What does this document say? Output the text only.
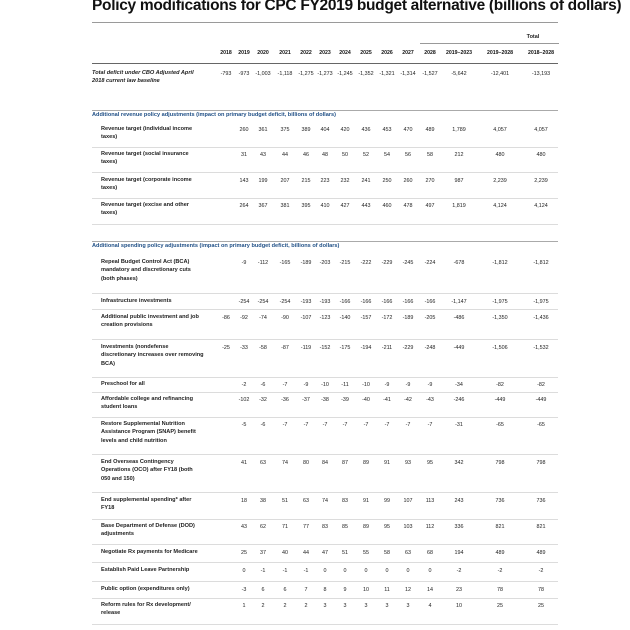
Policy modifications for CPC FY2019 budget alternative (billions of dollars)
Total
2018	2019	2020	2021	2022	2023	2024	2025	2026	2027	2028	2019–2023	2019–2028	2018–2028
Total deficit under CBO Adjusted April
2018 current law baseline
-793	-973	-1,003	-1,118	-1,275 -1,273 -1,245	-1,352	-1,321	-1,314	-1,527	-5,642	-12,401	-13,193
Additional revenue policy adjustments (impact on primary budget deficit, billions of dollars)
Revenue target (individual income
taxes)
260	361	375	389	404	420	436	453	470	489	1,789	4,057	4,057
Revenue target (social insurance
taxes)
31	43	44	46	48	50	52	54	56	58	212	480	480
Revenue target (corporate income
taxes)
143	199	207	215	223	232	241	250	260	270	987	2,239	2,239
Revenue target (excise and other
taxes)
264	367	381	395	410	427	443	460	478	497	1,819	4,124	4,124
Additional spending policy adjustments (impact on primary budget deficit, billions of dollars)
Repeal Budget Control Act (BCA)
mandatory and discretionary cuts
(both phases)
-9	-112	-165	-189	-203	-215	-222	-229	-245	-224	-678	-1,812	-1,812
Infrastructure investments	-254	-254	-254	-193	-193	-166	-166	-166	-166	-166	-1,147	-1,975	-1,975
Additional public investment and job
creation provisions
-86	-92	-74	-90	-107	-123	-140	-157	-172	-189	-205	-486	-1,350	-1,436
Investments (nondefense
discretionary increases over removing
BCA)
-25	-33	-58	-87	-119	-152	-175	-194	-211	-229	-248	-449	-1,506	-1,532
Preschool for all	-2	-6	-7	-9	-10	-11	-10	-9	-9	-9	-34	-82	-82
Affordable college and refinancing
student loans
-102	-32	-36	-37	-38	-39	-40	-41	-42	-43	-246	-449	-449
Restore Supplemental Nutrition
Assistance Program (SNAP) benefit
levels and child nutrition
-5	-6	-7	-7	-7	-7	-7	-7	-7	-7	-31	-65	-65
End Overseas Contingency
Operations (OCO) after FY18 (both
050 and 150)
41	63	74	80	84	87	89	91	93	95	342	798	798
End supplemental spending* after
FY18
18	38	51	63	74	83	91	99	107	113	243	736	736
Base Department of Defense (DOD)
adjustments
43	62	71	77	83	85	89	95	103	112	336	821	821
Negotiate Rx payments for Medicare	25	37	40	44	47	51	55	58	63	68	194	489	489
Establish Paid Leave Partnership	0	-1	-1	-1	0	0	0	0	0	0	-2	-2	-2
Public option (expenditures only)	-3	6	6	7	8	9	10	11	12	14	23	78	78
Reform rules for Rx development/
release
1	2	2	2	3	3	3	3	3	4	10	25	25
